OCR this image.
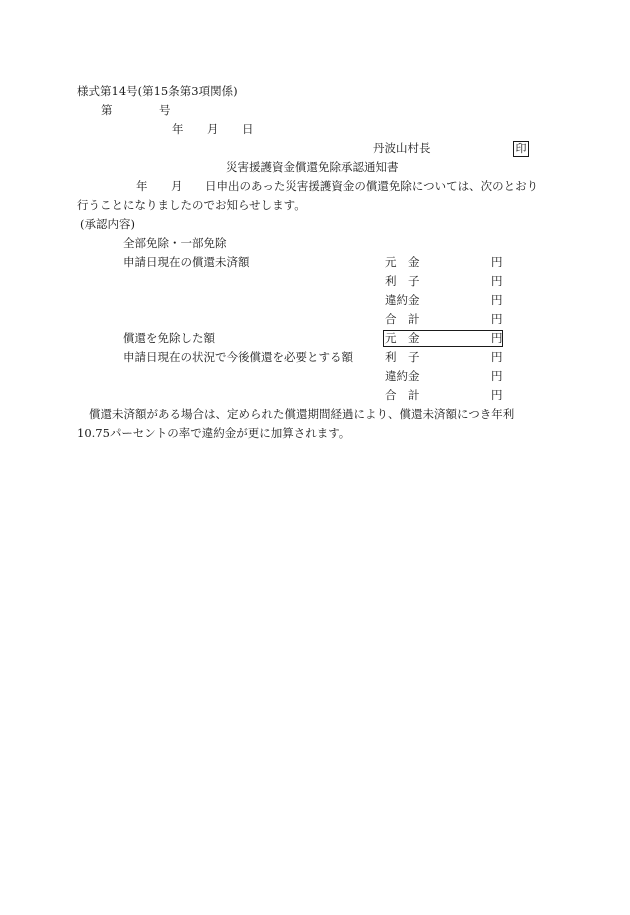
様式第14号(第15条第3項関係)
第	号
年 月 日
丹波山村長	印
災害援護資金償還免除承認通知書
年 月 日申出のあった災害援護資金の償還免除については、次のとおり
行うことになりましたのでお知らせします。
(承認内容)
全部免除・一部免除
申請日現在の償還未済額	元　金	円
利　子	円
違約金	円
合　計	円
償還を免除した額	元　金	円
申請日現在の状況で今後償還を必要とする額	利　子	円
違約金	円
合　計	円
償還未済額がある場合は、定められた償還期間経過により、償還未済額につき年利
10.75パーセントの率で違約金が更に加算されます。
